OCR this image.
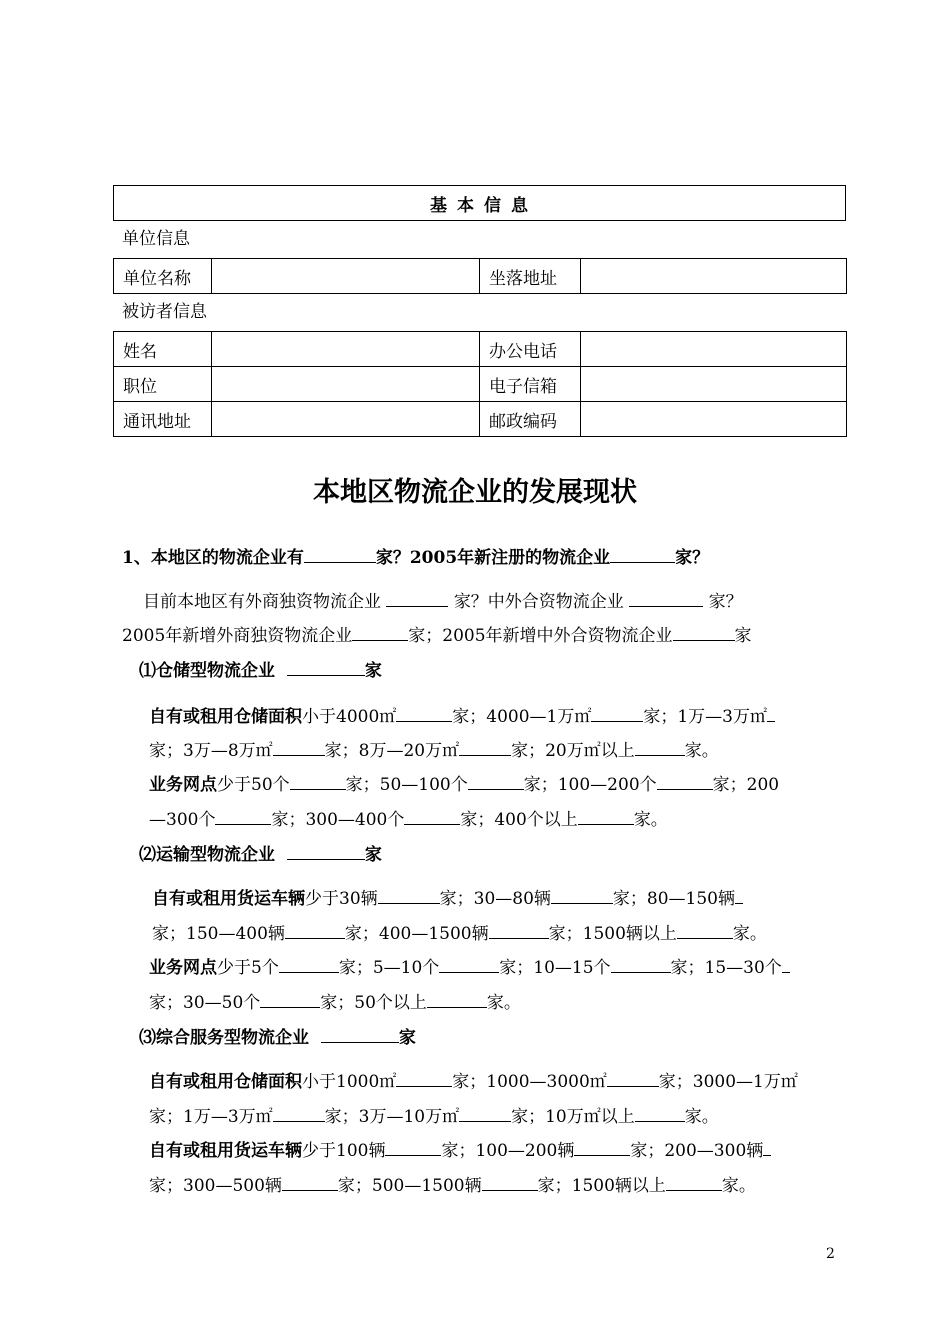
基本信息
单位信息
单位名称		坐落地址	
被访者信息
姓名		办公电话	
职位		电子信箱	
通讯地址		邮政编码	
本地区物流企业的发展现状
1、本地区的物流企业有	家？2005年新注册的物流企业	家？
目前本地区有外商独资物流企业	家？中外合资物流企业	家？
2005年新增外商独资物流企业	家；2005年新增中外合资物流企业	家
⑴仓储型物流企业	家
自有或租用仓储面积小于4000㎡	家；4000—1万㎡	家；1万—3万㎡
家；3万—8万㎡	家；8万—20万㎡	家；20万㎡以上	家。
业务网点少于50个	家；50—100个	家；100—200个	家；200
—300个	家；300—400个	家；400个以上	家。
⑵运输型物流企业	家
自有或租用货运车辆少于30辆	家；30—80辆	家；80—150辆
家；150—400辆	家；400—1500辆	家；1500辆以上	家。
业务网点少于5个	家；5—10个	家；10—15个	家；15—30个
家；30—50个	家；50个以上	家。
⑶综合服务型物流企业	家
自有或租用仓储面积小于1000㎡	家；1000—3000㎡	家；3000—1万㎡
家；1万—3万㎡	家；3万—10万㎡	家；10万㎡以上	家。
自有或租用货运车辆少于100辆	家；100—200辆	家；200—300辆
家；300—500辆	家；500—1500辆	家；1500辆以上	家。
2
